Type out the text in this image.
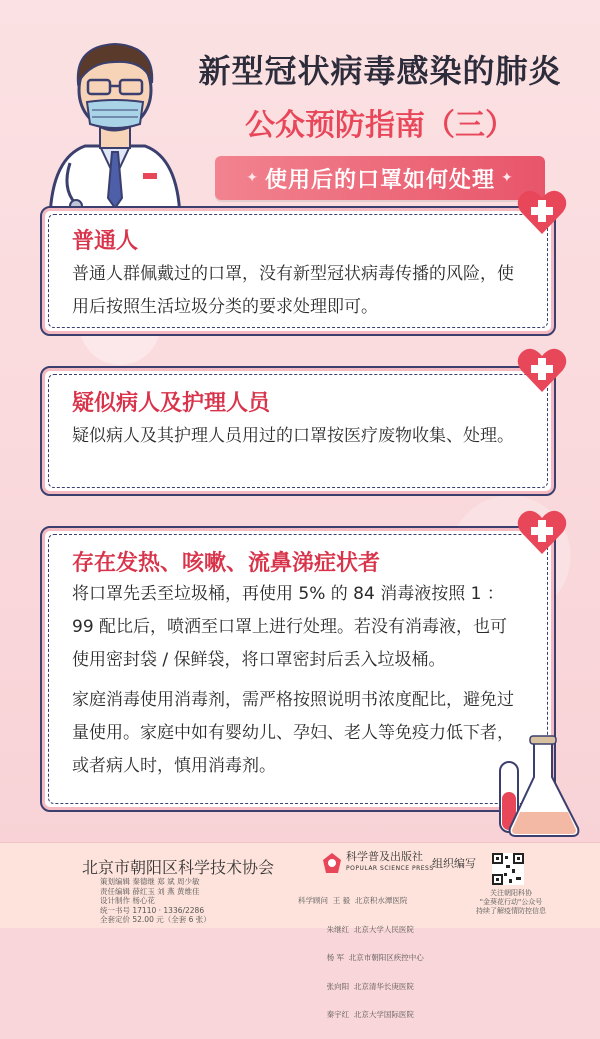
新型冠状病毒感染的肺炎
公众预防指南（三）
✦ 使用后的口罩如何处理 ✦
普通人

普通人群佩戴过的口罩，没有新型冠状病毒传播的风险，使用后按照生活垃圾分类的要求处理即可。

疑似病人及护理人员

疑似病人及其护理人员用过的口罩按医疗废物收集、处理。

存在发热、咳嗽、流鼻涕症状者

将口罩先丢至垃圾桶，再使用 5% 的 84 消毒液按照 1 ： 99 配比后，喷洒至口罩上进行处理。若没有消毒液，也可使用密封袋 / 保鲜袋，将口罩密封后丢入垃圾桶。

家庭消毒使用消毒剂，需严格按照说明书浓度配比，避免过量使用。家庭中如有婴幼儿、孕妇、老人等免疫力低下者，或者病人时，慎用消毒剂。

北京市朝阳区科学技术协会
科学普及出版社
POPULAR SCIENCE PRESS
组织编写
策划编辑 秦德继 郑 斌 周少敏
责任编辑 薛红玉 刘 燕 黄维佳
设计制作 杨心花
统一书号 17110 · 1336/2286
全套定价 52.00 元（全套 6 张）

科学顾问  王 毅  北京积水潭医院

朱继红  北京大学人民医院

杨 军  北京市朝阳区疾控中心

张向阳  北京清华长庚医院

秦宇红  北京大学国际医院

关注朝阳科协
"金葵花行动"公众号
持续了解疫情防控信息
